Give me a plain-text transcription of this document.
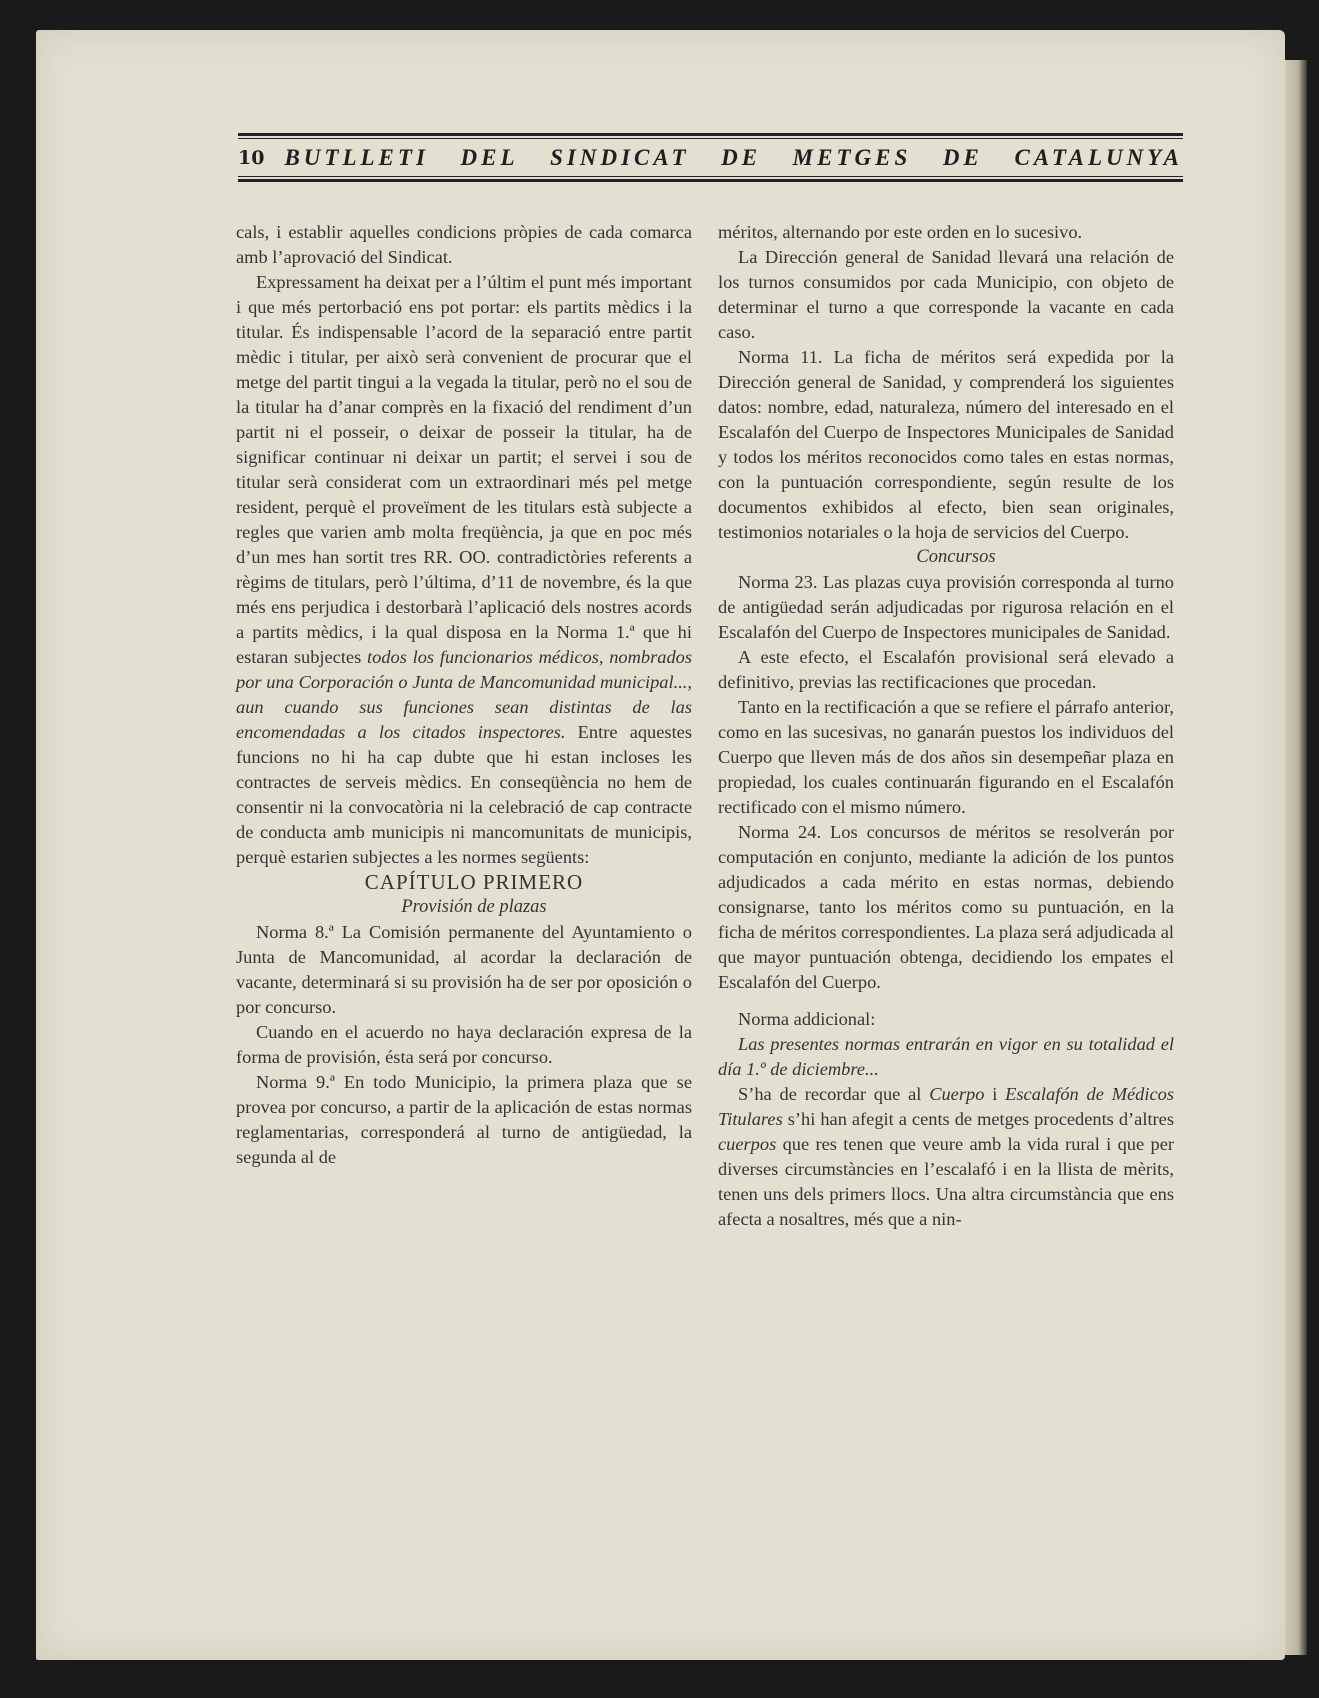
10 BUTLLETI DEL SINDICAT DE METGES DE CATALUNYA

cals, i establir aquelles condicions pròpies de cada comarca amb l’aprovació del Sindicat.

Expressament ha deixat per a l’últim el punt més important i que més pertorbació ens pot portar: els partits mèdics i la titular. És indispensable l’acord de la separació entre partit mèdic i titular, per això serà convenient de procurar que el metge del partit tingui a la vegada la titular, però no el sou de la titular ha d’anar comprès en la fixació del rendiment d’un partit ni el posseir, o deixar de posseir la titular, ha de significar continuar ni deixar un partit; el servei i sou de titular serà considerat com un extraordinari més pel metge resident, perquè el proveïment de les titulars està subjecte a regles que varien amb molta freqüència, ja que en poc més d’un mes han sortit tres RR. OO. contradictòries referents a règims de titulars, però l’última, d’11 de novembre, és la que més ens perjudica i destorbarà l’aplicació dels nostres acords a partits mèdics, i la qual disposa en la Norma 1.ª que hi estaran subjectes todos los funcionarios médicos, nombrados por una Corporación o Junta de Mancomunidad municipal..., aun cuando sus funciones sean distintas de las encomendadas a los citados inspectores. Entre aquestes funcions no hi ha cap dubte que hi estan incloses les contractes de serveis mèdics. En conseqüència no hem de consentir ni la convocatòria ni la celebració de cap contracte de conducta amb municipis ni mancomunitats de municipis, perquè estarien subjectes a les normes següents:

CAPÍTULO PRIMERO

Provisión de plazas

Norma 8.ª La Comisión permanente del Ayuntamiento o Junta de Mancomunidad, al acordar la declaración de vacante, determinará si su provisión ha de ser por oposición o por concurso.

Cuando en el acuerdo no haya declaración expresa de la forma de provisión, ésta será por concurso.

Norma 9.ª En todo Municipio, la primera plaza que se provea por concurso, a partir de la aplicación de estas normas reglamentarias, corresponderá al turno de antigüedad, la segunda al de

méritos, alternando por este orden en lo sucesivo.

La Dirección general de Sanidad llevará una relación de los turnos consumidos por cada Municipio, con objeto de determinar el turno a que corresponde la vacante en cada caso.

Norma 11. La ficha de méritos será expedida por la Dirección general de Sanidad, y comprenderá los siguientes datos: nombre, edad, naturaleza, número del interesado en el Escalafón del Cuerpo de Inspectores Municipales de Sanidad y todos los méritos reconocidos como tales en estas normas, con la puntuación correspondiente, según resulte de los documentos exhibidos al efecto, bien sean originales, testimonios notariales o la hoja de servicios del Cuerpo.

Concursos

Norma 23. Las plazas cuya provisión corresponda al turno de antigüedad serán adjudicadas por rigurosa relación en el Escalafón del Cuerpo de Inspectores municipales de Sanidad.

A este efecto, el Escalafón provisional será elevado a definitivo, previas las rectificaciones que procedan.

Tanto en la rectificación a que se refiere el párrafo anterior, como en las sucesivas, no ganarán puestos los individuos del Cuerpo que lleven más de dos años sin desempeñar plaza en propiedad, los cuales continuarán figurando en el Escalafón rectificado con el mismo número.

Norma 24. Los concursos de méritos se resolverán por computación en conjunto, mediante la adición de los puntos adjudicados a cada mérito en estas normas, debiendo consignarse, tanto los méritos como su puntuación, en la ficha de méritos correspondientes. La plaza será adjudicada al que mayor puntuación obtenga, decidiendo los empates el Escalafón del Cuerpo.

Norma addicional:

Las presentes normas entrarán en vigor en su totalidad el día 1.º de diciembre...

S’ha de recordar que al Cuerpo i Escalafón de Médicos Titulares s’hi han afegit a cents de metges procedents d’altres cuerpos que res tenen que veure amb la vida rural i que per diverses circumstàncies en l’escalafó i en la llista de mèrits, tenen uns dels primers llocs. Una altra circumstància que ens afecta a nosaltres, més que a nin-
